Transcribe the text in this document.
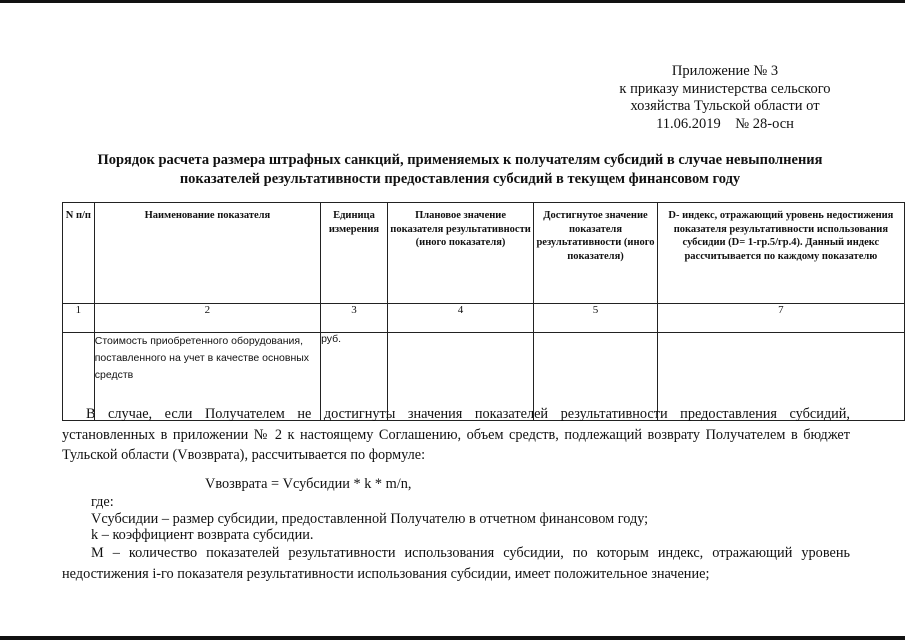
Приложение № 3
к приказу министерства сельского
хозяйства Тульской области от
11.06.2019    № 28-осн
Порядок расчета размера штрафных санкций, применяемых к получателям субсидий в случае невыполнения показателей результативности предоставления субсидий в текущем финансовом году
N п/п	Наименование показателя	Единица измерения	Плановое значение показателя результативности (иного показателя)	Достигнутое значение показателя результативности (иного показателя)	D- индекс, отражающий уровень недостижения показателя результативности использования субсидии (D= 1-гр.5/гр.4). Данный индекс рассчитывается по каждому показателю
1	2	3	4	5	7
	Стоимость приобретенного оборудования, поставленного на учет в качестве основных средств	руб.			
В случае, если Получателем не достигнуты значения показателей результативности предоставления субсидий, установленных в приложении № 2 к настоящему Соглашению, объем средств, подлежащий возврату Получателем в бюджет Тульской области (Vвозврата), рассчитывается по формуле:
Vвозврата = Vсубсидии * k * m/n,
где:
Vсубсидии – размер субсидии, предоставленной Получателю в отчетном финансовом году;
k – коэффициент возврата субсидии.
М – количество показателей результативности использования субсидии, по которым индекс, отражающий уровень недостижения i-го показателя результативности использования субсидии, имеет положительное значение;
